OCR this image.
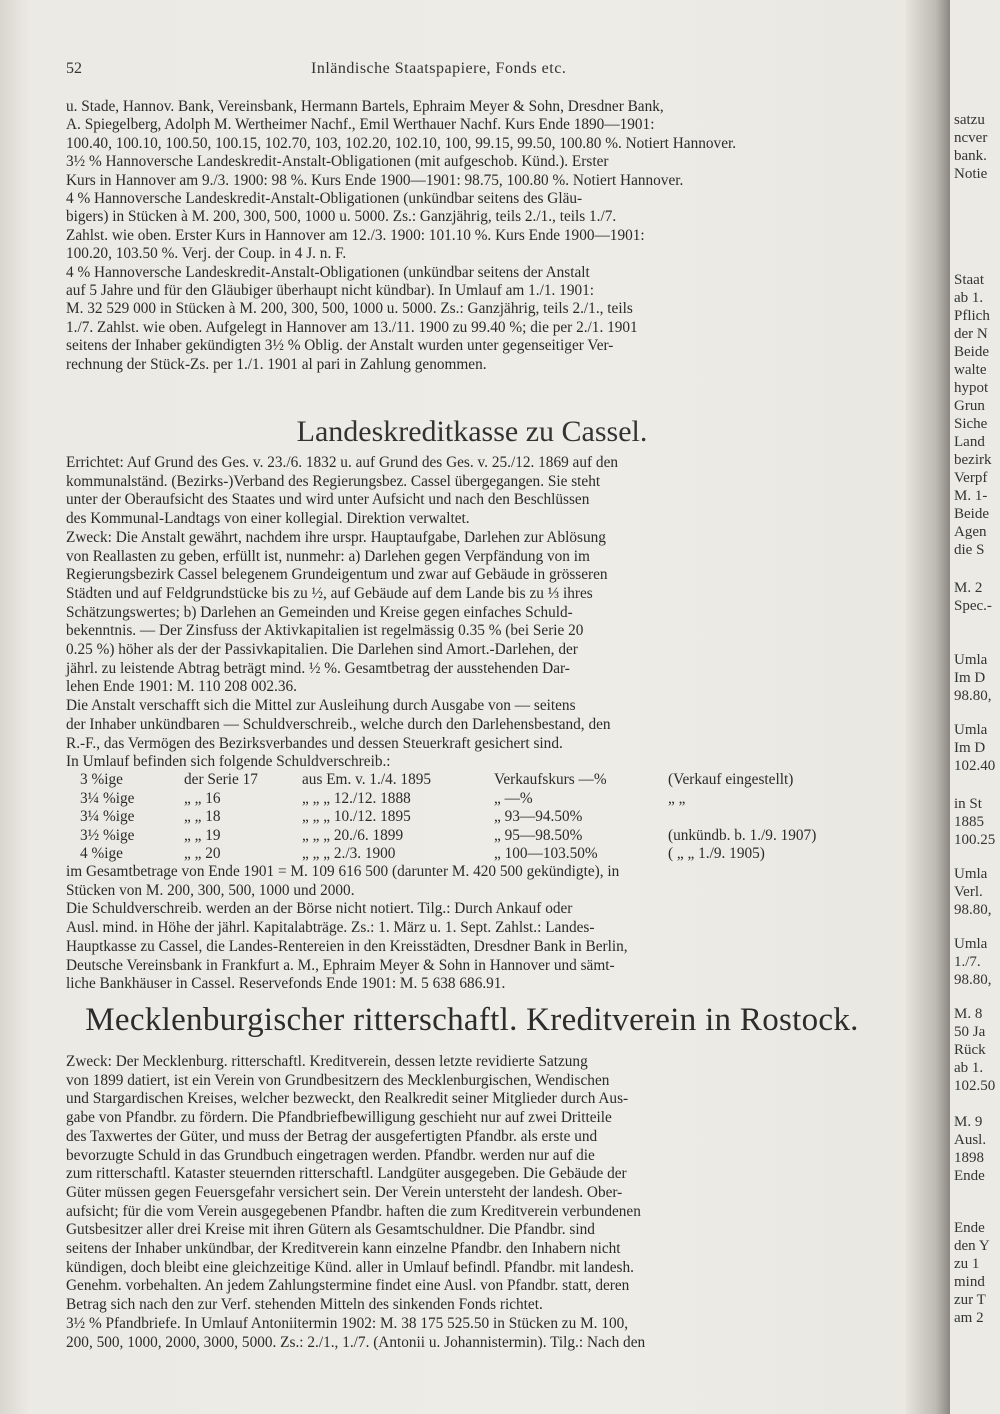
52	Inländische Staatspapiere, Fonds etc.
u. Stade, Hannov. Bank, Vereinsbank, Hermann Bartels, Ephraim Meyer & Sohn, Dresdner Bank,
A. Spiegelberg, Adolph M. Wertheimer Nachf., Emil Werthauer Nachf. Kurs Ende 1890—1901:
100.40, 100.10, 100.50, 100.15, 102.70, 103, 102.20, 102.10, 100, 99.15, 99.50, 100.80 %. Notiert Hannover.
3½ % Hannoversche Landeskredit-Anstalt-Obligationen (mit aufgeschob. Künd.). Erster
Kurs in Hannover am 9./3. 1900: 98 %. Kurs Ende 1900—1901: 98.75, 100.80 %. Notiert Hannover.
4 % Hannoversche Landeskredit-Anstalt-Obligationen (unkündbar seitens des Gläu-
bigers) in Stücken à M. 200, 300, 500, 1000 u. 5000. Zs.: Ganzjährig, teils 2./1., teils 1./7.
Zahlst. wie oben. Erster Kurs in Hannover am 12./3. 1900: 101.10 %. Kurs Ende 1900—1901:
100.20, 103.50 %. Verj. der Coup. in 4 J. n. F.
4 % Hannoversche Landeskredit-Anstalt-Obligationen (unkündbar seitens der Anstalt
auf 5 Jahre und für den Gläubiger überhaupt nicht kündbar). In Umlauf am 1./1. 1901:
M. 32 529 000 in Stücken à M. 200, 300, 500, 1000 u. 5000. Zs.: Ganzjährig, teils 2./1., teils
1./7. Zahlst. wie oben. Aufgelegt in Hannover am 13./11. 1900 zu 99.40 %; die per 2./1. 1901
seitens der Inhaber gekündigten 3½ % Oblig. der Anstalt wurden unter gegenseitiger Ver-
rechnung der Stück-Zs. per 1./1. 1901 al pari in Zahlung genommen.
Landeskreditkasse zu Cassel.
Errichtet: Auf Grund des Ges. v. 23./6. 1832 u. auf Grund des Ges. v. 25./12. 1869 auf den
kommunalständ. (Bezirks-)Verband des Regierungsbez. Cassel übergegangen. Sie steht
unter der Oberaufsicht des Staates und wird unter Aufsicht und nach den Beschlüssen
des Kommunal-Landtags von einer kollegial. Direktion verwaltet.
Zweck: Die Anstalt gewährt, nachdem ihre urspr. Hauptaufgabe, Darlehen zur Ablösung
von Reallasten zu geben, erfüllt ist, nunmehr: a) Darlehen gegen Verpfändung von im
Regierungsbezirk Cassel belegenem Grundeigentum und zwar auf Gebäude in grösseren
Städten und auf Feldgrundstücke bis zu ½, auf Gebäude auf dem Lande bis zu ⅓ ihres
Schätzungswertes; b) Darlehen an Gemeinden und Kreise gegen einfaches Schuld-
bekenntnis. — Der Zinsfuss der Aktivkapitalien ist regelmässig 0.35 % (bei Serie 20
0.25 %) höher als der der Passivkapitalien. Die Darlehen sind Amort.-Darlehen, der
jährl. zu leistende Abtrag beträgt mind. ½ %. Gesamtbetrag der ausstehenden Dar-
lehen Ende 1901: M. 110 208 002.36.
Die Anstalt verschafft sich die Mittel zur Ausleihung durch Ausgabe von — seitens
der Inhaber unkündbaren — Schuldverschreib., welche durch den Darlehensbestand, den
R.-F., das Vermögen des Bezirksverbandes und dessen Steuerkraft gesichert sind.
In Umlauf befinden sich folgende Schuldverschreib.:
3 %ige	der Serie 17	aus Em. v. 1./4. 1895	Verkaufskurs —%	(Verkauf eingestellt)
3¼ %ige	„ „ 16	„ „ „ 12./12. 1888	„ —%	„ „
3¼ %ige	„ „ 18	„ „ „ 10./12. 1895	„ 93—94.50%
3½ %ige	„ „ 19	„ „ „ 20./6. 1899	„ 95—98.50%	(unkündb. b. 1./9. 1907)
4 %ige	„ „ 20	„ „ „ 2./3. 1900	„ 100—103.50%	( „ „ 1./9. 1905)
im Gesamtbetrage von Ende 1901 = M. 109 616 500 (darunter M. 420 500 gekündigte), in
Stücken von M. 200, 300, 500, 1000 und 2000.
Die Schuldverschreib. werden an der Börse nicht notiert. Tilg.: Durch Ankauf oder
Ausl. mind. in Höhe der jährl. Kapitalabträge. Zs.: 1. März u. 1. Sept. Zahlst.: Landes-
Hauptkasse zu Cassel, die Landes-Rentereien in den Kreisstädten, Dresdner Bank in Berlin,
Deutsche Vereinsbank in Frankfurt a. M., Ephraim Meyer & Sohn in Hannover und sämt-
liche Bankhäuser in Cassel. Reservefonds Ende 1901: M. 5 638 686.91.
Mecklenburgischer ritterschaftl. Kreditverein in Rostock.
Zweck: Der Mecklenburg. ritterschaftl. Kreditverein, dessen letzte revidierte Satzung
von 1899 datiert, ist ein Verein von Grundbesitzern des Mecklenburgischen, Wendischen
und Stargardischen Kreises, welcher bezweckt, den Realkredit seiner Mitglieder durch Aus-
gabe von Pfandbr. zu fördern. Die Pfandbriefbewilligung geschieht nur auf zwei Dritteile
des Taxwertes der Güter, und muss der Betrag der ausgefertigten Pfandbr. als erste und
bevorzugte Schuld in das Grundbuch eingetragen werden. Pfandbr. werden nur auf die
zum ritterschaftl. Kataster steuernden ritterschaftl. Landgüter ausgegeben. Die Gebäude der
Güter müssen gegen Feuersgefahr versichert sein. Der Verein untersteht der landesh. Ober-
aufsicht; für die vom Verein ausgegebenen Pfandbr. haften die zum Kreditverein verbundenen
Gutsbesitzer aller drei Kreise mit ihren Gütern als Gesamtschuldner. Die Pfandbr. sind
seitens der Inhaber unkündbar, der Kreditverein kann einzelne Pfandbr. den Inhabern nicht
kündigen, doch bleibt eine gleichzeitige Künd. aller in Umlauf befindl. Pfandbr. mit landesh.
Genehm. vorbehalten. An jedem Zahlungstermine findet eine Ausl. von Pfandbr. statt, deren
Betrag sich nach den zur Verf. stehenden Mitteln des sinkenden Fonds richtet.
3½ % Pfandbriefe. In Umlauf Antoniitermin 1902: M. 38 175 525.50 in Stücken zu M. 100,
200, 500, 1000, 2000, 3000, 5000. Zs.: 2./1., 1./7. (Antonii u. Johannistermin). Tilg.: Nach den
satzu
ncver
bank.
Notie
Staat
ab 1.
Pflich
der N
Beide
walte
hypot
Grun
Siche
Land
bezirk
Verpf
M. 1-
Beide
Agen
die S
M. 2
Spec.-
Umla
Im D
98.80,
Umla
Im D
102.40
in St
1885
100.25
Umla
Verl.
98.80,
Umla
1./7.
98.80,
M. 8
50 Ja
Rück
ab 1.
102.50
M. 9
Ausl.
1898
Ende
Ende
den Y
zu 1
mind
zur T
am 2
